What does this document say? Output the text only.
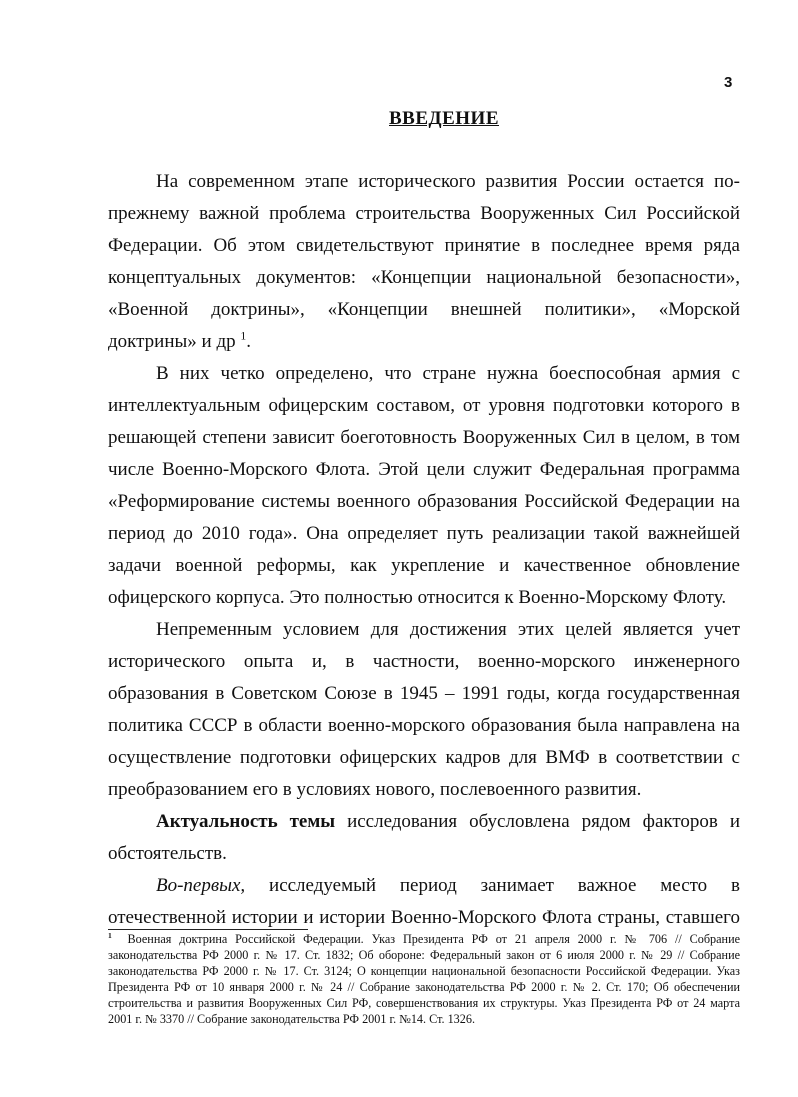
3
ВВЕДЕНИЕ

На современном этапе исторического развития России остается по-прежнему важной проблема строительства Вооруженных Сил Российской Федерации. Об этом свидетельствуют принятие в последнее время ряда концептуальных документов: «Концепции национальной безопасности», «Военной доктрины», «Концепции внешней политики», «Морской доктрины» и др $^1$.

В них четко определено, что стране нужна боеспособная армия с интеллектуальным офицерским составом, от уровня подготовки которого в решающей степени зависит боеготовность Вооруженных Сил в целом, в том числе Военно-Морского Флота. Этой цели служит Федеральная программа «Реформирование системы военного образования Российской Федерации на период до 2010 года». Она определяет путь реализации такой важнейшей задачи военной реформы, как укрепление и качественное обновление офицерского корпуса. Это полностью относится к Военно-Морскому Флоту.

Непременным условием для достижения этих целей является учет исторического опыта и, в частности, военно-морского инженерного образования в Советском Союзе в 1945 – 1991 годы, когда государственная политика СССР в области военно-морского образования была направлена на осуществление подготовки офицерских кадров для ВМФ в соответствии с преобразованием его в условиях нового, послевоенного развития.

Актуальность темы исследования обусловлена рядом факторов и обстоятельств.

Во-первых, исследуемый период занимает важное место в отечественной истории и истории Военно-Морского Флота страны, ставшего

$^1$ Военная доктрина Российской Федерации. Указ Президента РФ от 21 апреля 2000 г. № 706 // Собрание законодательства РФ 2000 г. № 17. Ст. 1832; Об обороне: Федеральный закон от 6 июля 2000 г. № 29 // Собрание законодательства РФ 2000 г. № 17. Ст. 3124; О концепции национальной безопасности Российской Федерации. Указ Президента РФ от 10 января 2000 г. № 24 // Собрание законодательства РФ 2000 г. № 2. Ст. 170; Об обеспечении строительства и развития Вооруженных Сил РФ, совершенствования их структуры. Указ Президента РФ от 24 марта 2001 г. № 3370 // Собрание законодательства РФ 2001 г. №14. Ст. 1326.
